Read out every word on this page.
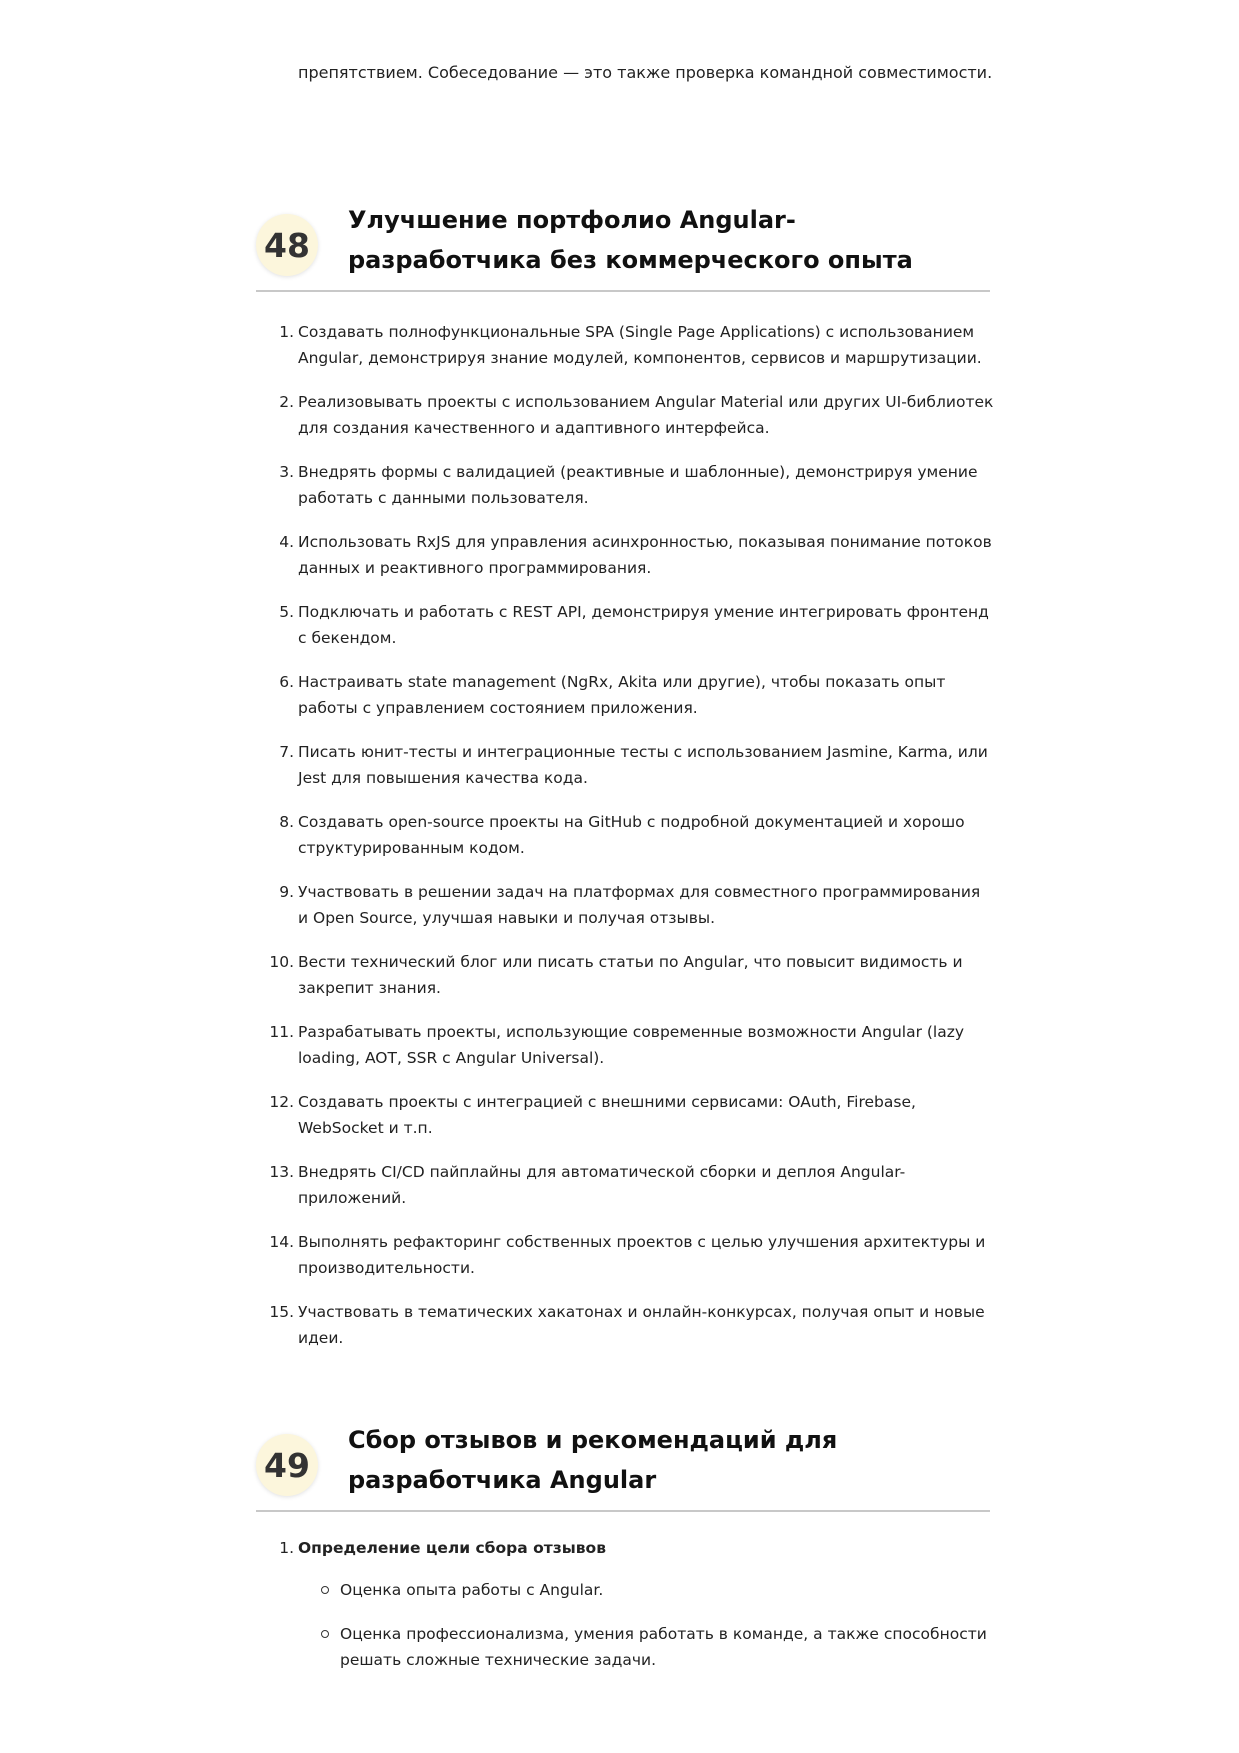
препятствием. Собеседование — это также проверка командной совместимости.

48
Улучшение портфолио Angular-разработчика без коммерческого опыта
1. Создавать полнофункциональные SPA (Single Page Applications) с использованием Angular, демонстрируя знание модулей, компонентов, сервисов и маршрутизации.
2. Реализовывать проекты с использованием Angular Material или других UI-библиотек для создания качественного и адаптивного интерфейса.
3. Внедрять формы с валидацией (реактивные и шаблонные), демонстрируя умение работать с данными пользователя.
4. Использовать RxJS для управления асинхронностью, показывая понимание потоков данных и реактивного программирования.
5. Подключать и работать с REST API, демонстрируя умение интегрировать фронтенд с бекендом.
6. Настраивать state management (NgRx, Akita или другие), чтобы показать опыт работы с управлением состоянием приложения.
7. Писать юнит-тесты и интеграционные тесты с использованием Jasmine, Karma, или Jest для повышения качества кода.
8. Создавать open-source проекты на GitHub с подробной документацией и хорошо структурированным кодом.
9. Участвовать в решении задач на платформах для совместного программирования и Open Source, улучшая навыки и получая отзывы.
10. Вести технический блог или писать статьи по Angular, что повысит видимость и закрепит знания.
11. Разрабатывать проекты, использующие современные возможности Angular (lazy loading, AOT, SSR с Angular Universal).
12. Создавать проекты с интеграцией с внешними сервисами: OAuth, Firebase, WebSocket и т.п.
13. Внедрять CI/CD пайплайны для автоматической сборки и деплоя Angular-приложений.
14. Выполнять рефакторинг собственных проектов с целью улучшения архитектуры и производительности.
15. Участвовать в тематических хакатонах и онлайн-конкурсах, получая опыт и новые идеи.
49
Сбор отзывов и рекомендаций для разработчика Angular
1. Определение цели сбора отзывов
Оценка опыта работы с Angular.
Оценка профессионализма, умения работать в команде, а также способности решать сложные технические задачи.
